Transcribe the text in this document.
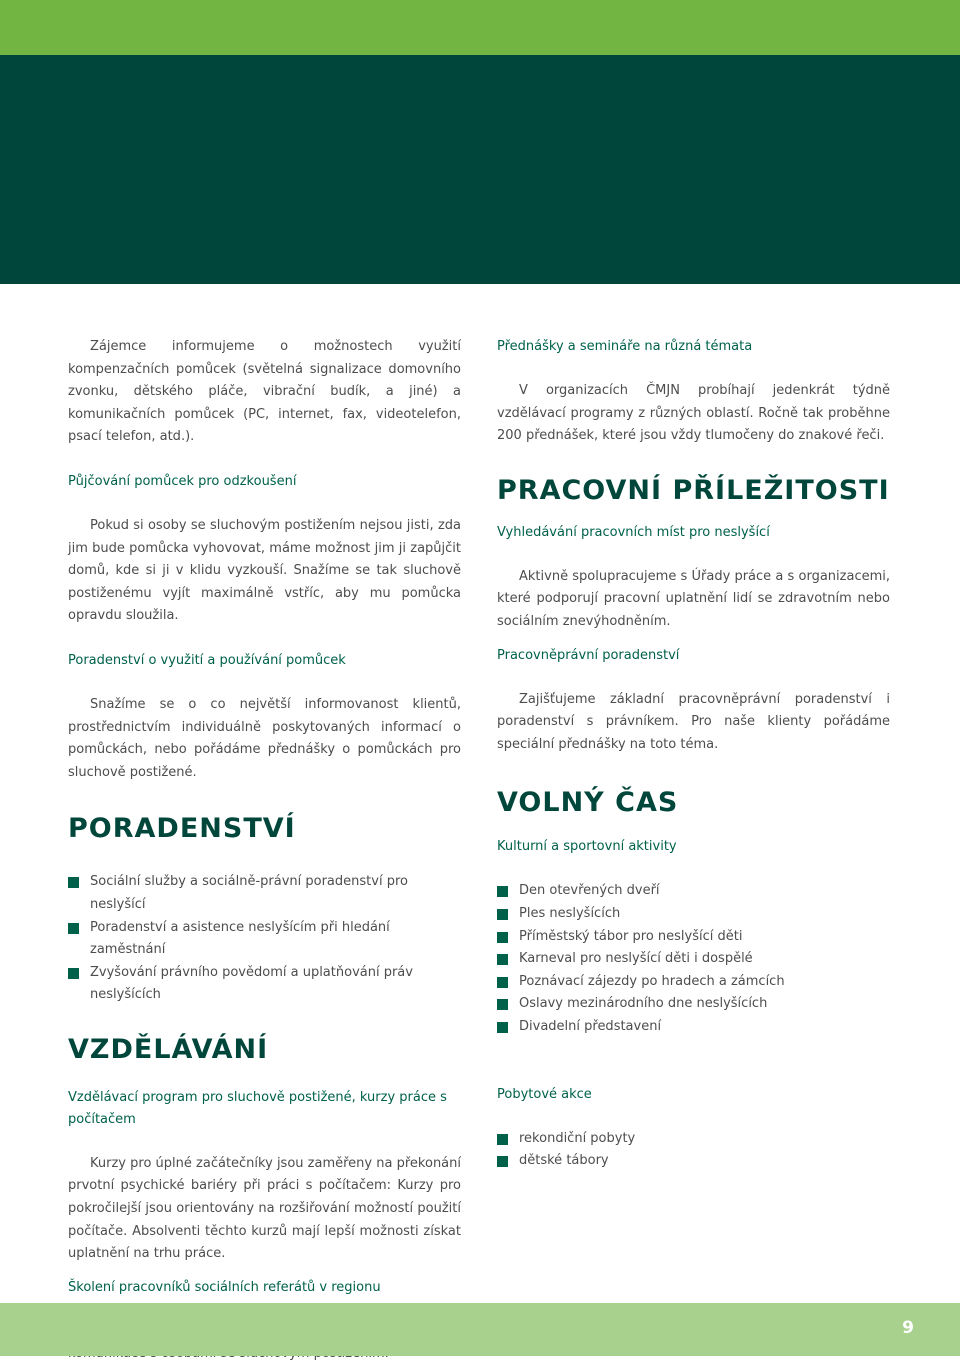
Zájemce informujeme o možnostech využití kompenzačních pomůcek (světelná signalizace domovního zvonku, dětského pláče, vibrační budík, a jiné) a komunikačních pomůcek (PC, internet, fax, videotelefon, psací telefon, atd.).

Půjčování pomůcek pro odzkoušení

Pokud si osoby se sluchovým postižením nejsou jisti, zda jim bude pomůcka vyhovovat, máme možnost jim ji zapůjčit domů, kde si ji v klidu vyzkouší. Snažíme se tak sluchově postiženému vyjít maximálně vstříc, aby mu pomůcka opravdu sloužila.

Poradenství o využití a používání pomůcek

Snažíme se o co největší informovanost klientů, prostřednictvím individuálně poskytovaných informací o pomůckách, nebo pořádáme přednášky o pomůckách pro sluchově postižené.

PORADENSTVÍ
Sociální služby a sociálně-právní poradenství pro neslyšící
Poradenství a asistence neslyšícím při hledání zaměstnání
Zvyšování právního povědomí a uplatňování práv neslyšících
VZDĚLÁVÁNÍ
Vzdělávací program pro sluchově postižené, kurzy práce s počítačem

Kurzy pro úplné začátečníky jsou zaměřeny na překonání prvotní psychické bariéry při práci s počítačem: Kurzy pro pokročilejší jsou orientovány na rozšiřování možností použití počítače. Absolventi těchto kurzů mají lepší možnosti získat uplatnění na trhu práce.

Školení pracovníků sociálních referátů v regionu

Přednášky a semináře na různá témata

V organizacích ČMJN probíhají jedenkrát týdně vzdělávací programy z různých oblastí. Ročně tak proběhne 200 přednášek, které jsou vždy tlumočeny do znakové řeči.

PRACOVNÍ PŘÍLEŽITOSTI
Vyhledávání pracovních míst pro neslyšící

Aktivně spolupracujeme s Úřady práce a s organizacemi, které podporují pracovní uplatnění lidí se zdravotním nebo sociálním znevýhodněním.

Pracovněprávní poradenství

Zajišťujeme základní pracovněprávní poradenství i poradenství s právníkem. Pro naše klienty pořádáme speciální přednášky na toto téma.

VOLNÝ ČAS
Kulturní a sportovní aktivity
Den otevřených dveří
Ples neslyšících
Příměstský tábor pro neslyšící děti
Karneval pro neslyšící děti i dospělé
Poznávací zájezdy po hradech a zámcích
Oslavy mezinárodního dne neslyšících
Divadelní představení
Pobytové akce
rekondiční pobyty
dětské tábory
9
